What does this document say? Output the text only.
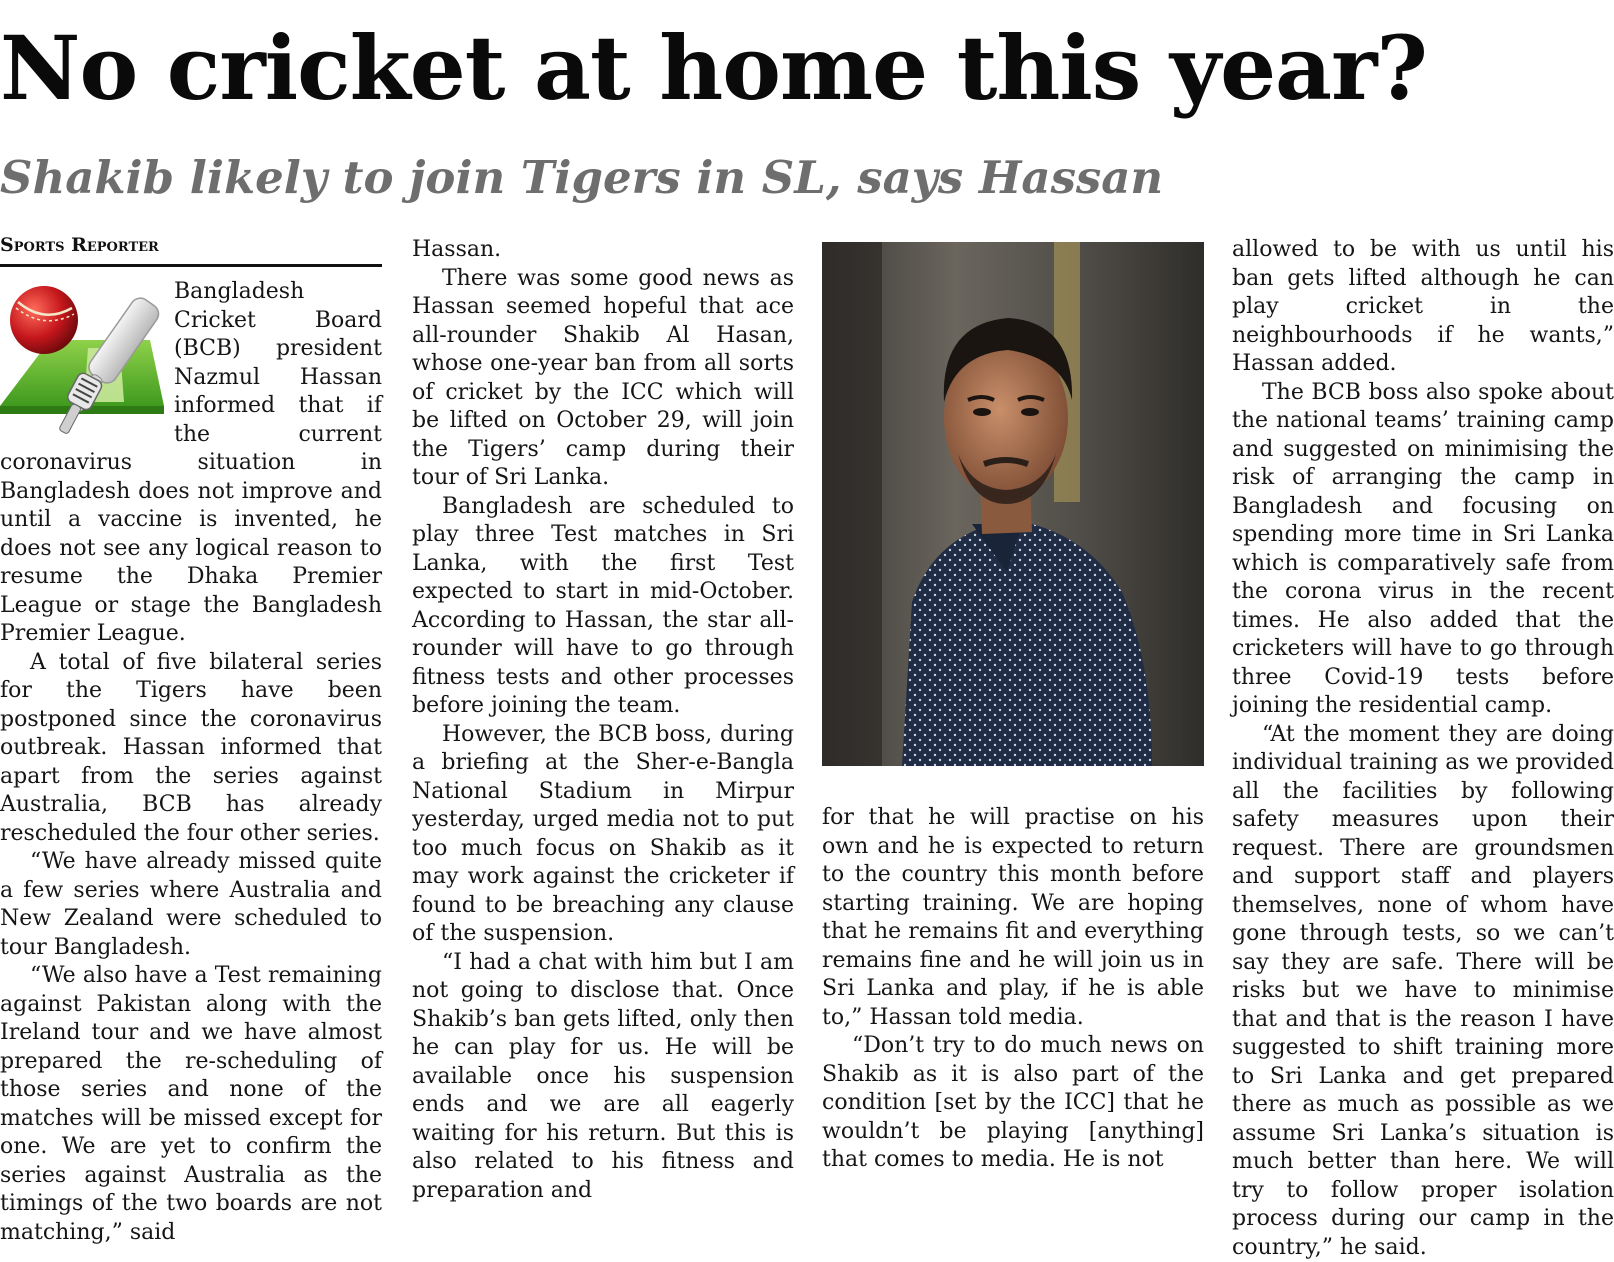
No cricket at home this year?
Shakib likely to join Tigers in SL, says Hassan
Sports Reporter

Bangladesh Cricket Board (BCB) president Nazmul Hassan informed that if the current coronavirus situation in Bangladesh does not improve and until a vaccine is invented, he does not see any logical reason to resume the Dhaka Premier League or stage the Bangladesh Premier League.

A total of five bilateral series for the Tigers have been postponed since the coronavirus outbreak. Hassan informed that apart from the series against Australia, BCB has already rescheduled the four other series.

“We have already missed quite a few series where Australia and New Zealand were scheduled to tour Bangladesh.

“We also have a Test remaining against Pakistan along with the Ireland tour and we have almost prepared the re-scheduling of those series and none of the matches will be missed except for one. We are yet to confirm the series against Australia as the timings of the two boards are not matching,” said

Hassan.

There was some good news as Hassan seemed hopeful that ace all-rounder Shakib Al Hasan, whose one-year ban from all sorts of cricket by the ICC which will be lifted on October 29, will join the Tigers’ camp during their tour of Sri Lanka.

Bangladesh are scheduled to play three Test matches in Sri Lanka, with the first Test expected to start in mid-October. According to Hassan, the star all-rounder will have to go through fitness tests and other processes before joining the team.

However, the BCB boss, during a briefing at the Sher-e-Bangla National Stadium in Mirpur yesterday, urged media not to put too much focus on Shakib as it may work against the cricketer if found to be breaching any clause of the suspension.

“I had a chat with him but I am not going to disclose that. Once Shakib’s ban gets lifted, only then he can play for us. He will be available once his suspension ends and we are all eagerly waiting for his return. But this is also related to his fitness and preparation and

for that he will practise on his own and he is expected to return to the country this month before starting training. We are hoping that he remains fit and everything remains fine and he will join us in Sri Lanka and play, if he is able to,” Hassan told media.

“Don’t try to do much news on Shakib as it is also part of the condition [set by the ICC] that he wouldn’t be playing [anything] that comes to media. He is not

allowed to be with us until his ban gets lifted although he can play cricket in the neighbourhoods if he wants,” Hassan added.

The BCB boss also spoke about the national teams’ training camp and suggested on minimising the risk of arranging the camp in Bangladesh and focusing on spending more time in Sri Lanka which is comparatively safe from the corona virus in the recent times. He also added that the cricketers will have to go through three Covid-19 tests before joining the residential camp.

“At the moment they are doing individual training as we provided all the facilities by following safety measures upon their request. There are groundsmen and support staff and players themselves, none of whom have gone through tests, so we can’t say they are safe. There will be risks but we have to minimise that and that is the reason I have suggested to shift training more to Sri Lanka and get prepared there as much as possible as we assume Sri Lanka’s situation is much better than here. We will try to follow proper isolation process during our camp in the country,” he said.
